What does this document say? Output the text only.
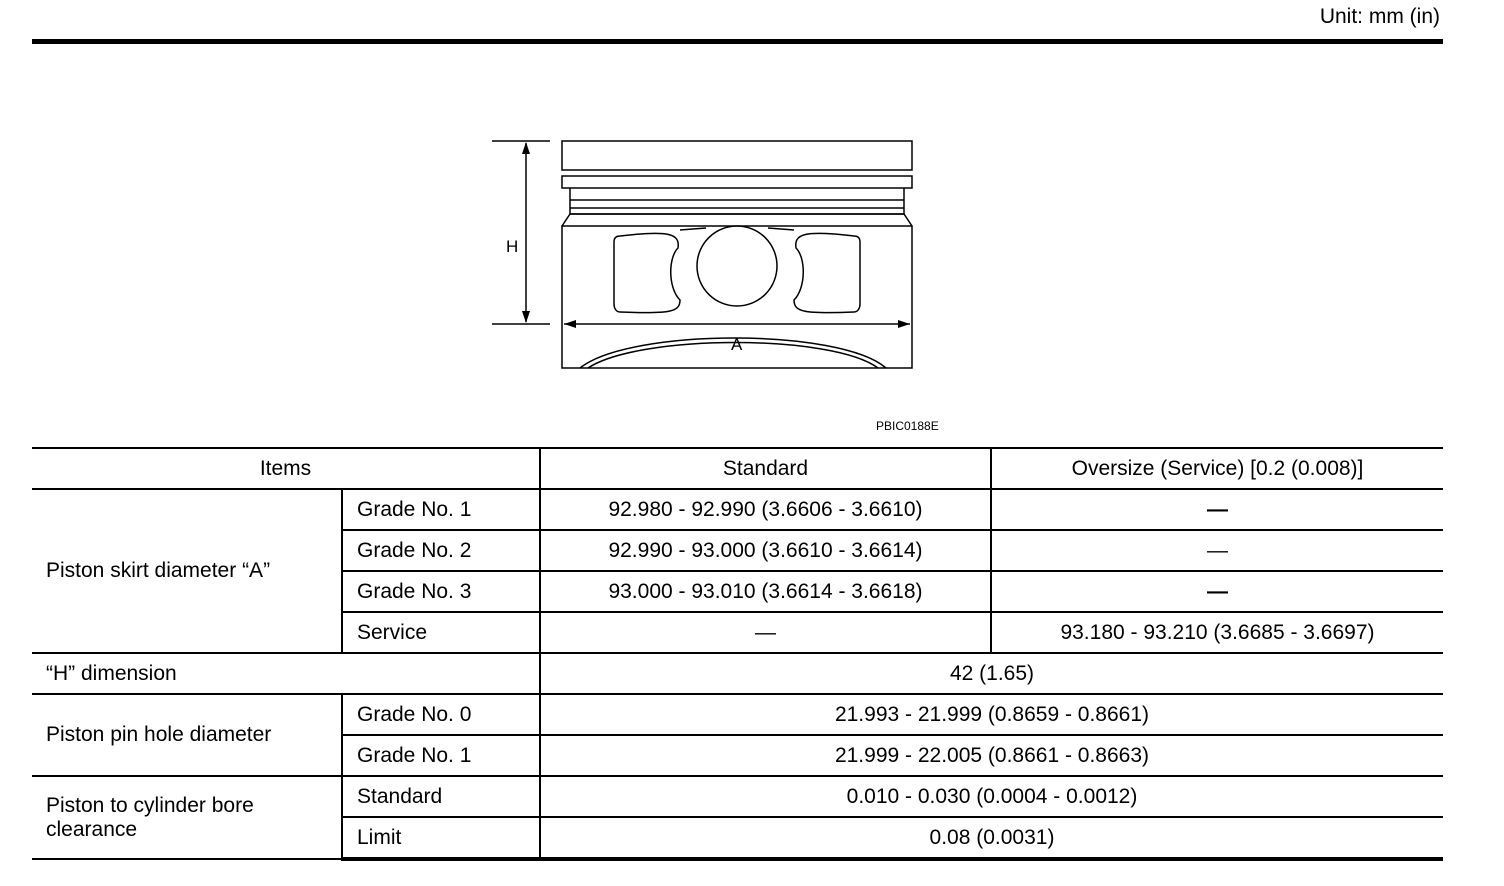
Unit: mm (in)
H
A
PBIC0188E
Items		Standard	Oversize (Service) [0.2 (0.008)]
Piston skirt diameter “A”	Grade No. 1	92.980 - 92.990 (3.6606 - 3.6610)	—
	Grade No. 2	92.990 - 93.000 (3.6610 - 3.6614)	—
	Grade No. 3	93.000 - 93.010 (3.6614 - 3.6618)	—
	Service	—	93.180 - 93.210 (3.6685 - 3.6697)
“H” dimension		42 (1.65)	
Piston pin hole diameter	Grade No. 0	21.993 - 21.999 (0.8659 - 0.8661)	
	Grade No. 1	21.999 - 22.005 (0.8661 - 0.8663)	
Piston to cylinder bore clearance	Standard	0.010 - 0.030 (0.0004 - 0.0012)	
	Limit	0.08 (0.0031)	
